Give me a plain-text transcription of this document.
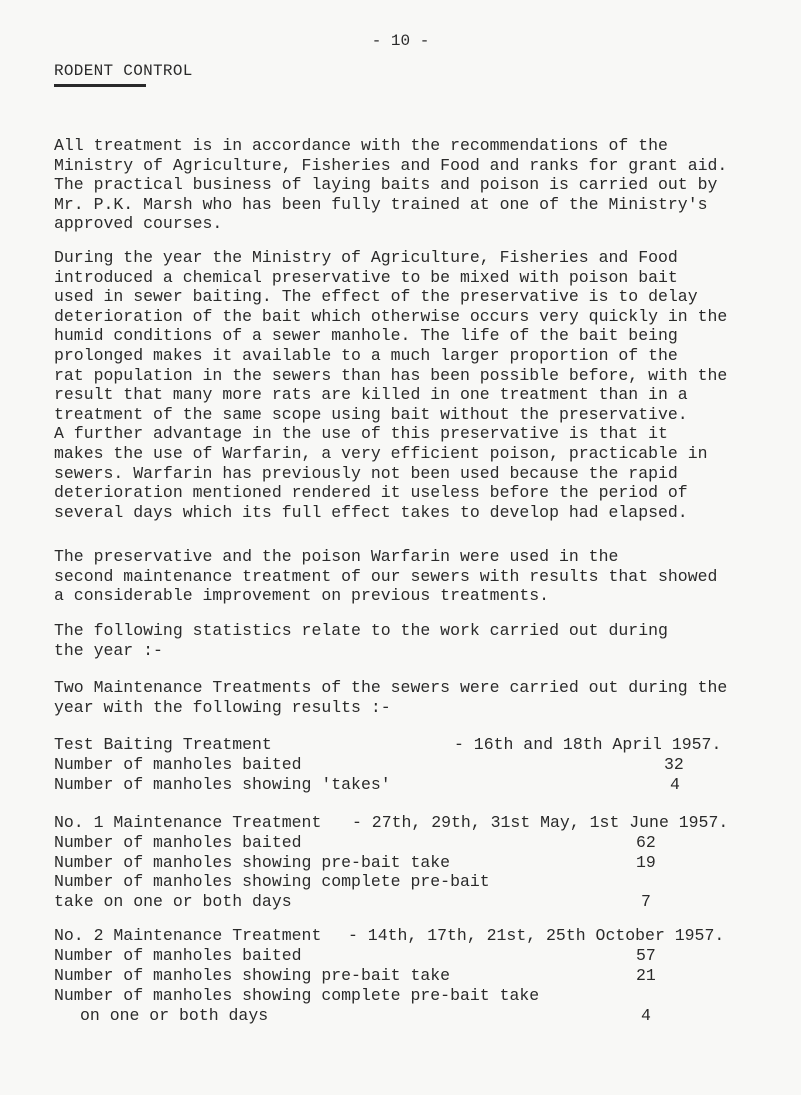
- 10 -
RODENT CONTROL
All treatment is in accordance with the recommendations of the
Ministry of Agriculture, Fisheries and Food and ranks for grant aid.
The practical business of laying baits and poison is carried out by
Mr. P.K. Marsh who has been fully trained at one of the Ministry's
approved courses.
During the year the Ministry of Agriculture, Fisheries and Food
introduced a chemical preservative to be mixed with poison bait
used in sewer baiting. The effect of the preservative is to delay
deterioration of the bait which otherwise occurs very quickly in the
humid conditions of a sewer manhole. The life of the bait being
prolonged makes it available to a much larger proportion of the
rat population in the sewers than has been possible before, with the
result that many more rats are killed in one treatment than in a
treatment of the same scope using bait without the preservative.
A further advantage in the use of this preservative is that it
makes the use of Warfarin, a very efficient poison, practicable in
sewers. Warfarin has previously not been used because the rapid
deterioration mentioned rendered it useless before the period of
several days which its full effect takes to develop had elapsed.
The preservative and the poison Warfarin were used in the
second maintenance treatment of our sewers with results that showed
a considerable improvement on previous treatments.
The following statistics relate to the work carried out during
the year :-
Two Maintenance Treatments of the sewers were carried out during the
year with the following results :-
Test Baiting Treatment	- 16th and 18th April 1957.
Number of manholes baited	32
Number of manholes showing 'takes'	4
No. 1 Maintenance Treatment - 27th, 29th, 31st May, 1st June 1957.
Number of manholes baited	62
Number of manholes showing pre-bait take	19
Number of manholes showing complete pre-bait
take on one or both days	7
No. 2 Maintenance Treatment - 14th, 17th, 21st, 25th October 1957.
Number of manholes baited	57
Number of manholes showing pre-bait take	21
Number of manholes showing complete pre-bait take
on one or both days	4
